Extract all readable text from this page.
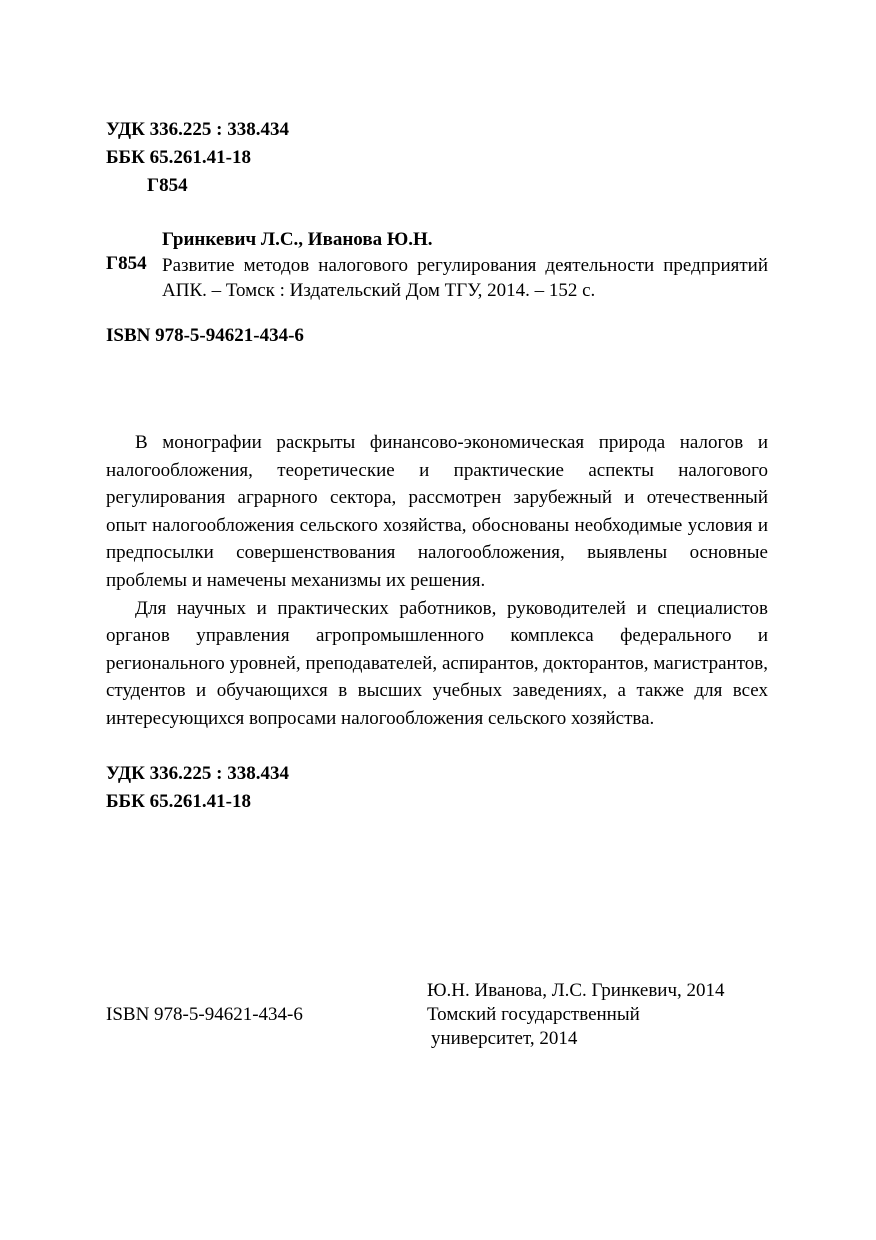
УДК 336.225 : 338.434
ББК 65.261.41-18
Г854
Гринкевич Л.С., Иванова Ю.Н.
Г854 Развитие методов налогового регулирования деятельности предприятий АПК. – Томск : Издательский Дом ТГУ, 2014. – 152 с.
ISBN 978-5-94621-434-6

В монографии раскрыты финансово-экономическая природа налогов и налогообложения, теоретические и практические аспекты налогового регулирования аграрного сектора, рассмотрен зарубежный и отечественный опыт налогообложения сельского хозяйства, обоснованы необходимые условия и предпосылки совершенствования налогообложения, выявлены основные проблемы и намечены механизмы их решения.

Для научных и практических работников, руководителей и специалистов органов управления агропромышленного комплекса федерального и регионального уровней, преподавателей, аспирантов, докторантов, магистрантов, студентов и обучающихся в высших учебных заведениях, а также для всех интересующихся вопросами налогообложения сельского хозяйства.

УДК 336.225 : 338.434
ББК 65.261.41-18
ISBN 978-5-94621-434-6
Ю.Н. Иванова, Л.С. Гринкевич, 2014
Томский государственный
университет, 2014
